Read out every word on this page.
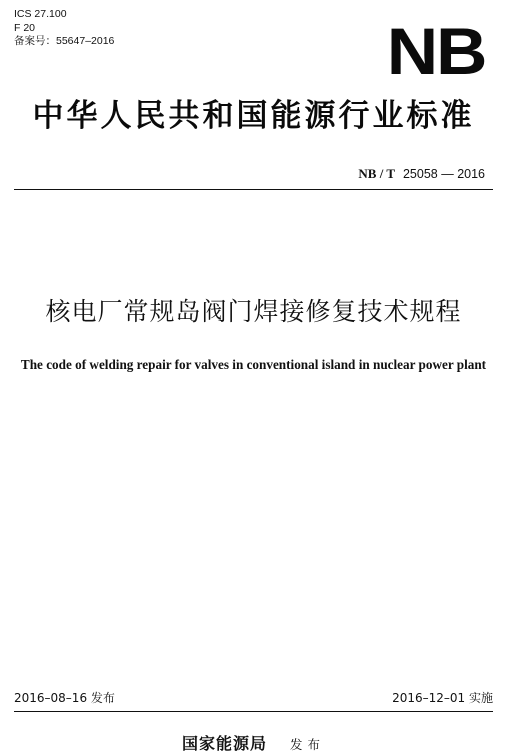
ICS 27.100
F 20
备案号：55647–2016	NB
中华人民共和国能源行业标准
NB / T 25058 — 2016
核电厂常规岛阀门焊接修复技术规程
The code of welding repair for valves in conventional island in nuclear power plant
2016–08–16 发布	2016–12–01 实施
国家能源局 发布
